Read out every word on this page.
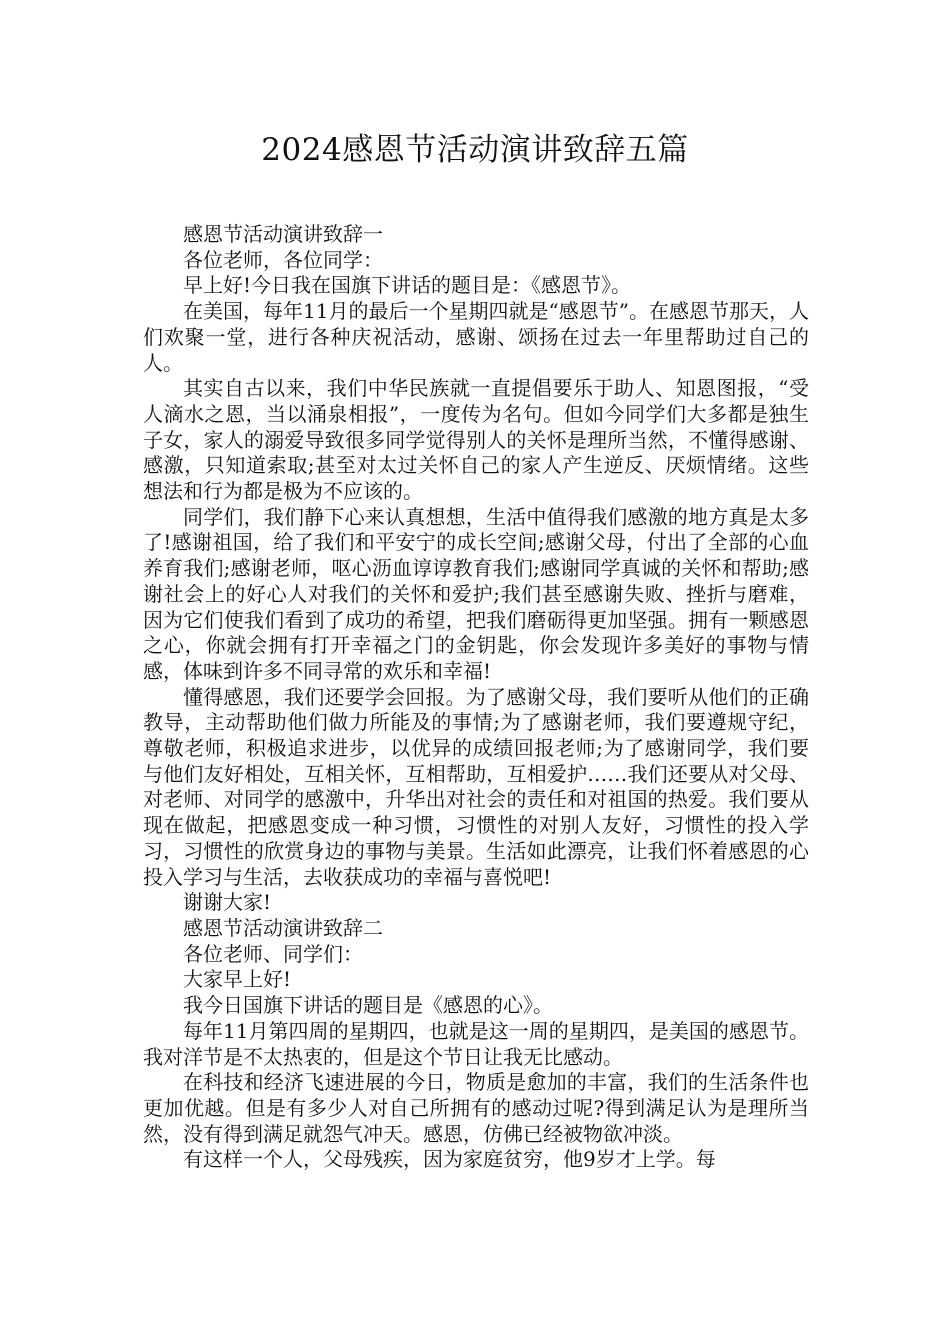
2024感恩节活动演讲致辞五篇

感恩节活动演讲致辞一

各位老师，各位同学：

早上好!今日我在国旗下讲话的题目是：《感恩节》。

在美国，每年11月的最后一个星期四就是“感恩节”。在感恩节那天，人们欢聚一堂，进行各种庆祝活动，感谢、颂扬在过去一年里帮助过自己的人。

其实自古以来，我们中华民族就一直提倡要乐于助人、知恩图报，“受人滴水之恩，当以涌泉相报”，一度传为名句。但如今同学们大多都是独生子女，家人的溺爱导致很多同学觉得别人的关怀是理所当然，不懂得感谢、感激，只知道索取;甚至对太过关怀自己的家人产生逆反、厌烦情绪。这些想法和行为都是极为不应该的。

同学们，我们静下心来认真想想，生活中值得我们感激的地方真是太多了!感谢祖国，给了我们和平安宁的成长空间;感谢父母，付出了全部的心血养育我们;感谢老师，呕心沥血谆谆教育我们;感谢同学真诚的关怀和帮助;感谢社会上的好心人对我们的关怀和爱护;我们甚至感谢失败、挫折与磨难，因为它们使我们看到了成功的希望，把我们磨砺得更加坚强。拥有一颗感恩之心，你就会拥有打开幸福之门的金钥匙，你会发现许多美好的事物与情感，体味到许多不同寻常的欢乐和幸福!

懂得感恩，我们还要学会回报。为了感谢父母，我们要听从他们的正确教导，主动帮助他们做力所能及的事情;为了感谢老师，我们要遵规守纪，尊敬老师，积极追求进步，以优异的成绩回报老师;为了感谢同学，我们要与他们友好相处，互相关怀，互相帮助，互相爱护……我们还要从对父母、对老师、对同学的感激中，升华出对社会的责任和对祖国的热爱。我们要从现在做起，把感恩变成一种习惯，习惯性的对别人友好，习惯性的投入学习，习惯性的欣赏身边的事物与美景。生活如此漂亮，让我们怀着感恩的心投入学习与生活，去收获成功的幸福与喜悦吧!

谢谢大家!

感恩节活动演讲致辞二

各位老师、同学们：

大家早上好!

我今日国旗下讲话的题目是《感恩的心》。

每年11月第四周的星期四，也就是这一周的星期四，是美国的感恩节。我对洋节是不太热衷的，但是这个节日让我无比感动。

在科技和经济飞速进展的今日，物质是愈加的丰富，我们的生活条件也更加优越。但是有多少人对自己所拥有的感动过呢?得到满足认为是理所当然，没有得到满足就怨气冲天。感恩，仿佛已经被物欲冲淡。

有这样一个人，父母残疾，因为家庭贫穷，他9岁才上学。每
